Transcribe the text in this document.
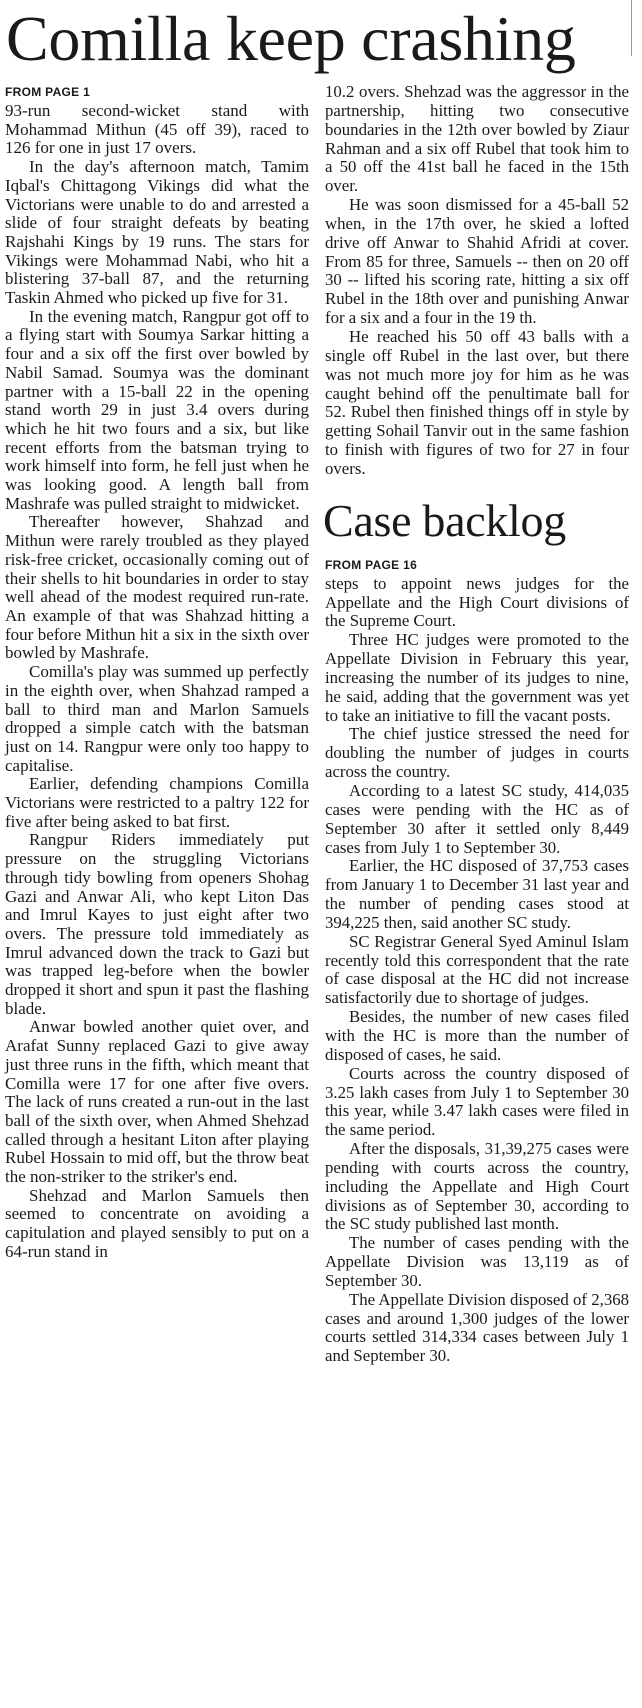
Comilla keep crashing
FROM PAGE 1

93-run second-wicket stand with Mohammad Mithun (45 off 39), raced to 126 for one in just 17 overs.

In the day's afternoon match, Tamim Iqbal's Chittagong Vikings did what the Victorians were unable to do and arrested a slide of four straight defeats by beating Rajshahi Kings by 19 runs. The stars for Vikings were Mohammad Nabi, who hit a blistering 37-ball 87, and the returning Taskin Ahmed who picked up five for 31.

In the evening match, Rangpur got off to a flying start with Soumya Sarkar hitting a four and a six off the first over bowled by Nabil Samad. Soumya was the dominant partner with a 15-ball 22 in the opening stand worth 29 in just 3.4 overs during which he hit two fours and a six, but like recent efforts from the batsman trying to work himself into form, he fell just when he was looking good. A length ball from Mashrafe was pulled straight to midwicket.

Thereafter however, Shahzad and Mithun were rarely troubled as they played risk-free cricket, occasionally coming out of their shells to hit boundaries in order to stay well ahead of the modest required run-rate. An example of that was Shahzad hitting a four before Mithun hit a six in the sixth over bowled by Mashrafe.

Comilla's play was summed up perfectly in the eighth over, when Shahzad ramped a ball to third man and Marlon Samuels dropped a simple catch with the batsman just on 14. Rangpur were only too happy to capitalise.

Earlier, defending champions Comilla Victorians were restricted to a paltry 122 for five after being asked to bat first.

Rangpur Riders immediately put pressure on the struggling Victorians through tidy bowling from openers Shohag Gazi and Anwar Ali, who kept Liton Das and Imrul Kayes to just eight after two overs. The pressure told immediately as Imrul advanced down the track to Gazi but was trapped leg-before when the bowler dropped it short and spun it past the flashing blade.

Anwar bowled another quiet over, and Arafat Sunny replaced Gazi to give away just three runs in the fifth, which meant that Comilla were 17 for one after five overs. The lack of runs created a run-out in the last ball of the sixth over, when Ahmed Shehzad called through a hesitant Liton after playing Rubel Hossain to mid off, but the throw beat the non-striker to the striker's end.

Shehzad and Marlon Samuels then seemed to concentrate on avoiding a capitulation and played sensibly to put on a 64-run stand in

10.2 overs. Shehzad was the aggressor in the partnership, hitting two consecutive boundaries in the 12th over bowled by Ziaur Rahman and a six off Rubel that took him to a 50 off the 41st ball he faced in the 15th over.

He was soon dismissed for a 45-ball 52 when, in the 17th over, he skied a lofted drive off Anwar to Shahid Afridi at cover. From 85 for three, Samuels -- then on 20 off 30 -- lifted his scoring rate, hitting a six off Rubel in the 18th over and punishing Anwar for a six and a four in the 19 th.

He reached his 50 off 43 balls with a single off Rubel in the last over, but there was not much more joy for him as he was caught behind off the penultimate ball for 52. Rubel then finished things off in style by getting Sohail Tanvir out in the same fashion to finish with figures of two for 27 in four overs.

Case backlog
FROM PAGE 16

steps to appoint news judges for the Appellate and the High Court divisions of the Supreme Court.

Three HC judges were promoted to the Appellate Division in February this year, increasing the number of its judges to nine, he said, adding that the government was yet to take an initiative to fill the vacant posts.

The chief justice stressed the need for doubling the number of judges in courts across the country.

According to a latest SC study, 414,035 cases were pending with the HC as of September 30 after it settled only 8,449 cases from July 1 to September 30.

Earlier, the HC disposed of 37,753 cases from January 1 to December 31 last year and the number of pending cases stood at 394,225 then, said another SC study.

SC Registrar General Syed Aminul Islam recently told this correspondent that the rate of case disposal at the HC did not increase satisfactorily due to shortage of judges.

Besides, the number of new cases filed with the HC is more than the number of disposed of cases, he said.

Courts across the country disposed of 3.25 lakh cases from July 1 to September 30 this year, while 3.47 lakh cases were filed in the same period.

After the disposals, 31,39,275 cases were pending with courts across the country, including the Appellate and High Court divisions as of September 30, according to the SC study published last month.

The number of cases pending with the Appellate Division was 13,119 as of September 30.

The Appellate Division disposed of 2,368 cases and around 1,300 judges of the lower courts settled 314,334 cases between July 1 and September 30.
